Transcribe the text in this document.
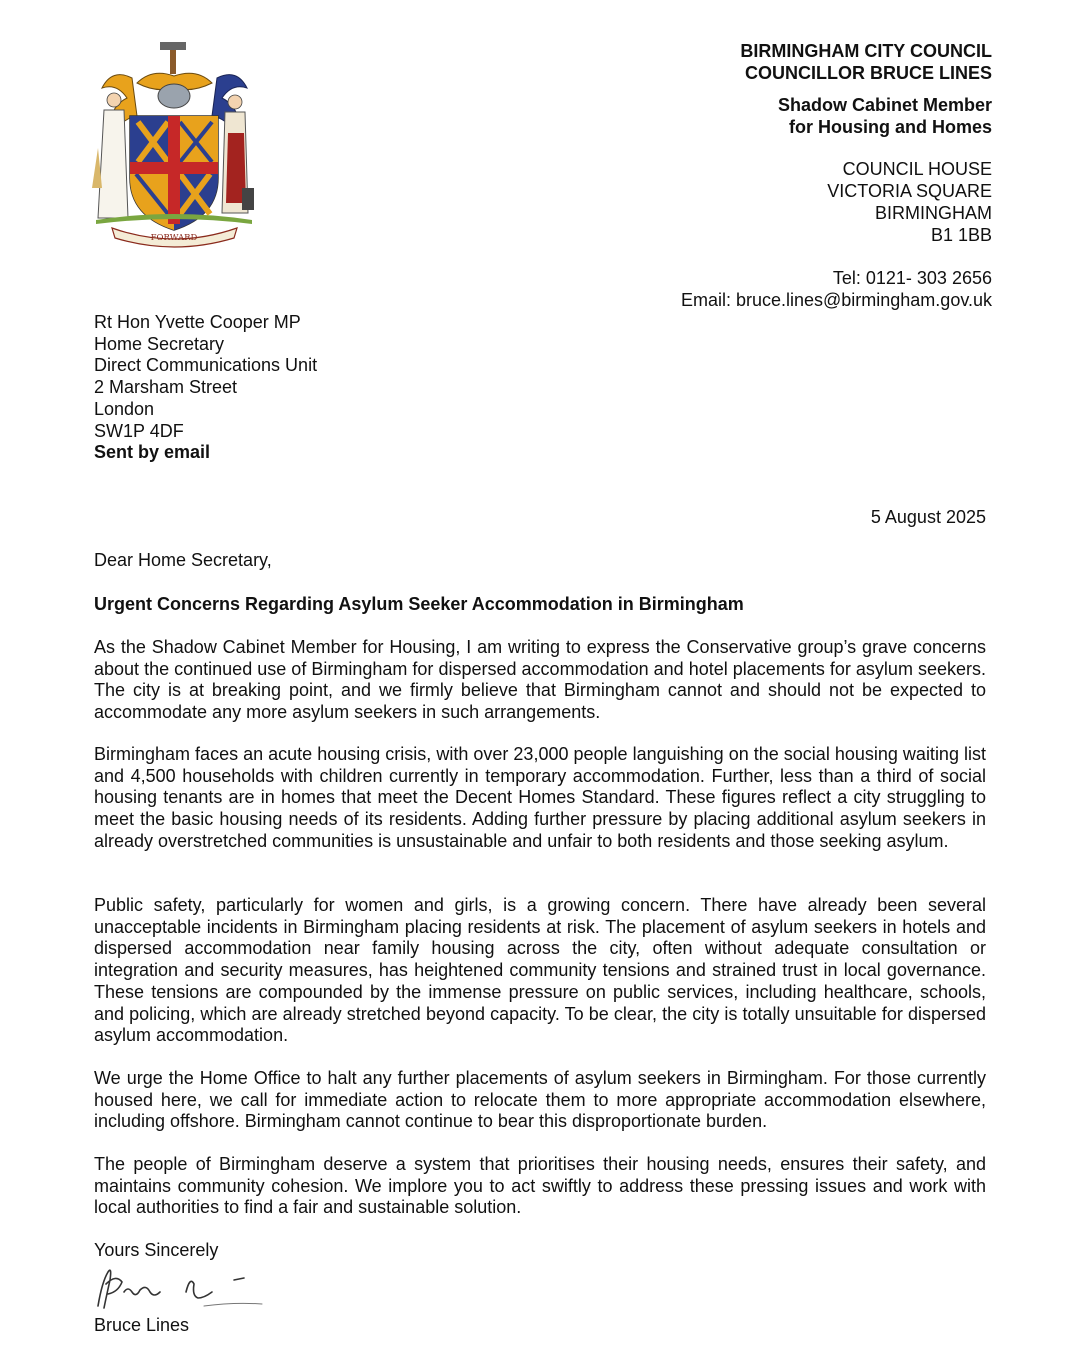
FORWARD
BIRMINGHAM CITY COUNCIL
COUNCILLOR BRUCE LINES
Shadow Cabinet Member
for Housing and Homes
COUNCIL HOUSE
VICTORIA SQUARE
BIRMINGHAM
B1 1BB
Tel: 0121- 303 2656
Email: bruce.lines@birmingham.gov.uk
Rt Hon Yvette Cooper MP
Home Secretary
Direct Communications Unit
2 Marsham Street
London
SW1P 4DF
Sent by email
5 August 2025
Dear Home Secretary,
Urgent Concerns Regarding Asylum Seeker Accommodation in Birmingham

As the Shadow Cabinet Member for Housing, I am writing to express the Conservative group’s grave concerns about the continued use of Birmingham for dispersed accommodation and hotel placements for asylum seekers. The city is at breaking point, and we firmly believe that Birmingham cannot and should not be expected to accommodate any more asylum seekers in such arrangements.

Birmingham faces an acute housing crisis, with over 23,000 people languishing on the social housing waiting list and 4,500 households with children currently in temporary accommodation. Further, less than a third of social housing tenants are in homes that meet the Decent Homes Standard. These figures reflect a city struggling to meet the basic housing needs of its residents. Adding further pressure by placing additional asylum seekers in already overstretched communities is unsustainable and unfair to both residents and those seeking asylum.

Public safety, particularly for women and girls, is a growing concern. There have already been several unacceptable incidents in Birmingham placing residents at risk. The placement of asylum seekers in hotels and dispersed accommodation near family housing across the city, often without adequate consultation or integration and security measures, has heightened community tensions and strained trust in local governance. These tensions are compounded by the immense pressure on public services, including healthcare, schools, and policing, which are already stretched beyond capacity. To be clear, the city is totally unsuitable for dispersed asylum accommodation.

We urge the Home Office to halt any further placements of asylum seekers in Birmingham. For those currently housed here, we call for immediate action to relocate them to more appropriate accommodation elsewhere, including offshore. Birmingham cannot continue to bear this disproportionate burden.

The people of Birmingham deserve a system that prioritises their housing needs, ensures their safety, and maintains community cohesion. We implore you to act swiftly to address these pressing issues and work with local authorities to find a fair and sustainable solution.

Yours Sincerely
Bruce Lines
